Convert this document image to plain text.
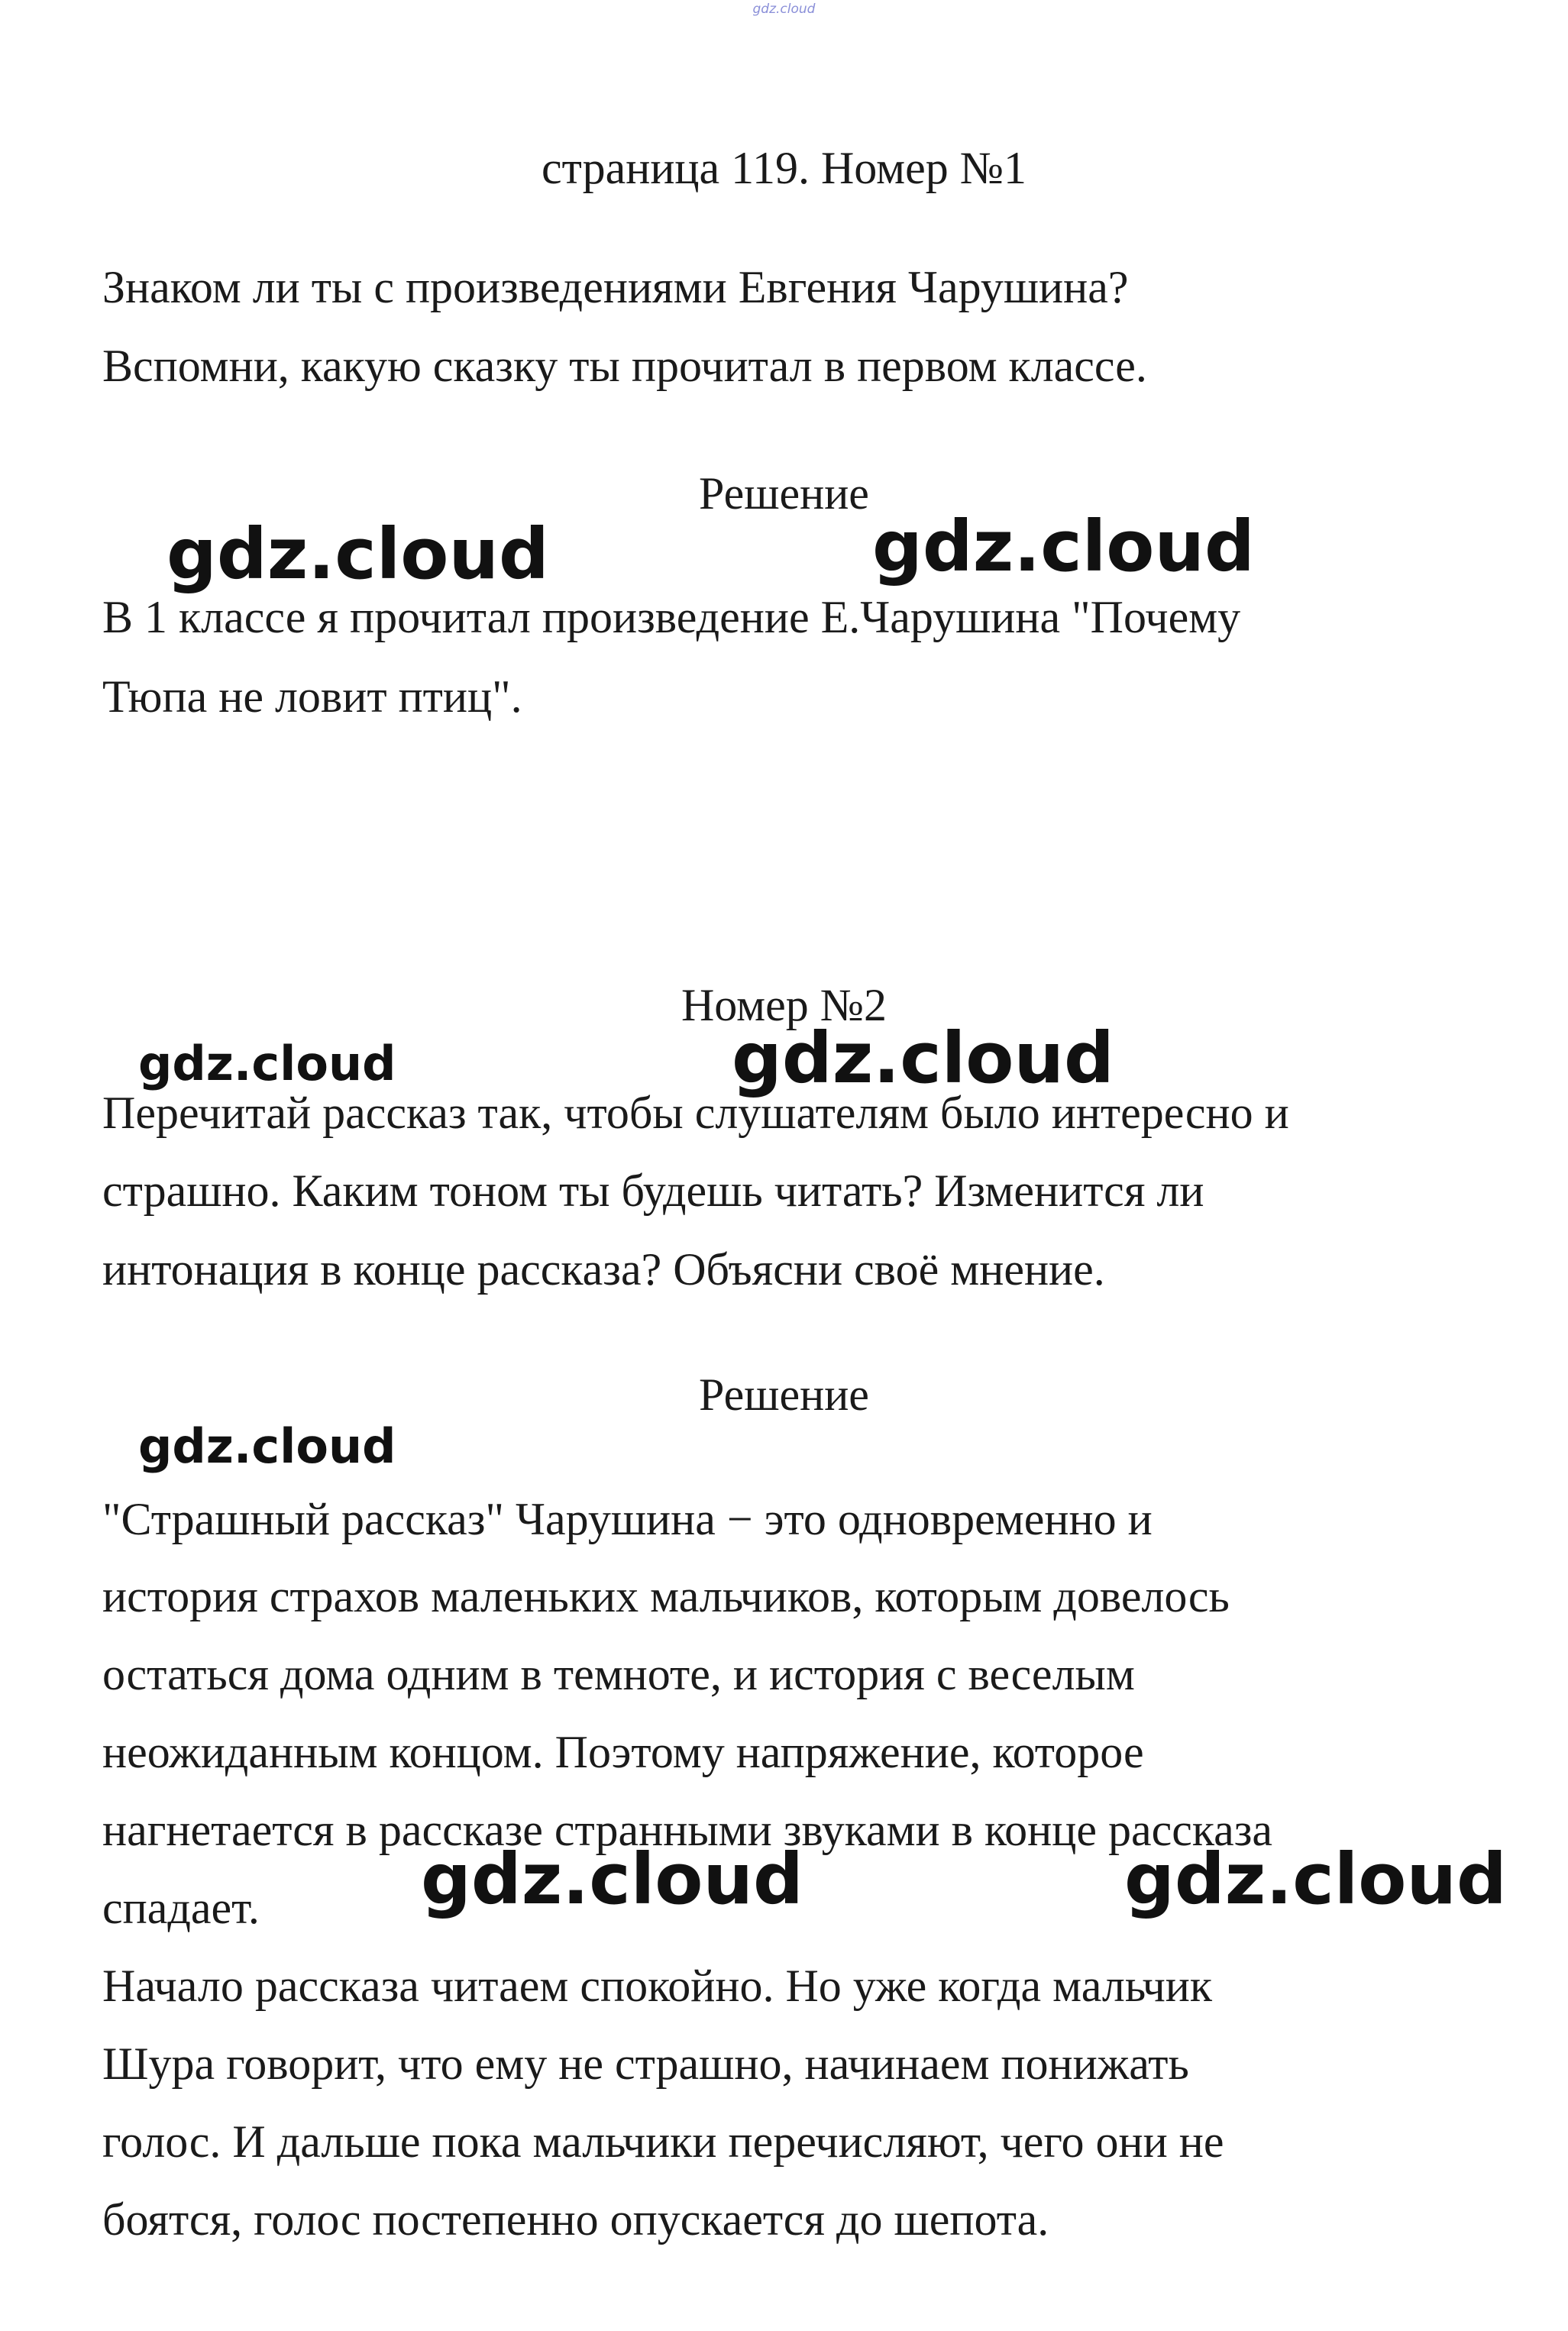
gdz.cloud
страница 119. Номер №1

Знаком ли ты с произведениями Евгения Чарушина?

Вспомни, какую сказку ты прочитал в первом классе.

Решение

В 1 классе я прочитал произведение Е.Чарушина "Почему

Тюпа не ловит птиц".

Номер №2

Перечитай рассказ так, чтобы слушателям было интересно и

страшно. Каким тоном ты будешь читать? Изменится ли

интонация в конце рассказа? Объясни своё мнение.

Решение

"Страшный рассказ" Чарушина − это одновременно и

история страхов маленьких мальчиков, которым довелось

остаться дома одним в темноте, и история с веселым

неожиданным концом. Поэтому напряжение, которое

нагнетается в рассказе странными звуками в конце рассказа

спадает.

Начало рассказа читаем спокойно. Но уже когда мальчик

Шура говорит, что ему не страшно, начинаем понижать

голос. И дальше пока мальчики перечисляют, чего они не

боятся, голос постепенно опускается до шепота.

gdz.cloud	gdz.cloud
gdz.cloud	gdz.cloud
gdz.cloud
gdz.cloud	gdz.cloud
